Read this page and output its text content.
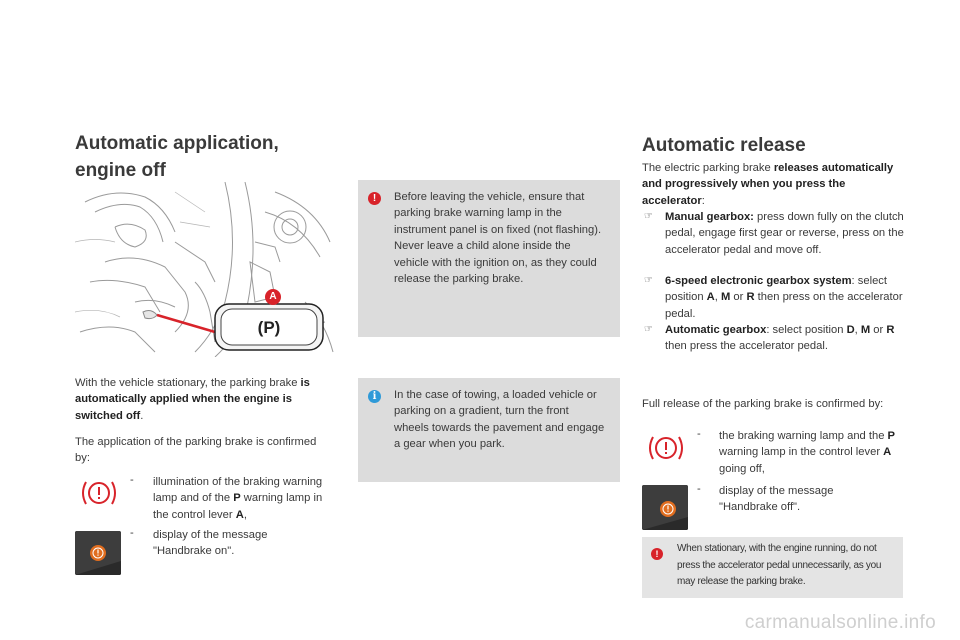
Automatic application,
engine off
A
(P)
With the vehicle stationary, the parking brake is automatically applied when the engine is switched off.
The application of the parking brake is confirmed by:
- illumination of the braking warning lamp and of the P warning lamp in the control lever A,
- display of the message "Handbrake on".
!	Before leaving the vehicle, ensure that parking brake warning lamp in the instrument panel is on fixed (not flashing).
Never leave a child alone inside the vehicle with the ignition on, as they could release the parking brake.
i	In the case of towing, a loaded vehicle or parking on a gradient, turn the front wheels towards the pavement and engage a gear when you park.
Automatic release
The electric parking brake releases automatically and progressively when you press the accelerator:
☞ Manual gearbox: press down fully on the clutch pedal, engage first gear or reverse, press on the accelerator pedal and move off.
☞ 6-speed electronic gearbox system: select position A, M or R then press on the accelerator pedal.
☞ Automatic gearbox: select position D, M or R then press the accelerator pedal.
Full release of the parking brake is confirmed by:
- the braking warning lamp and the P warning lamp in the control lever A going off,
- display of the message "Handbrake off".
!	When stationary, with the engine running, do not press the accelerator pedal unnecessarily, as you may release the parking brake.
carmanualsonline.info
